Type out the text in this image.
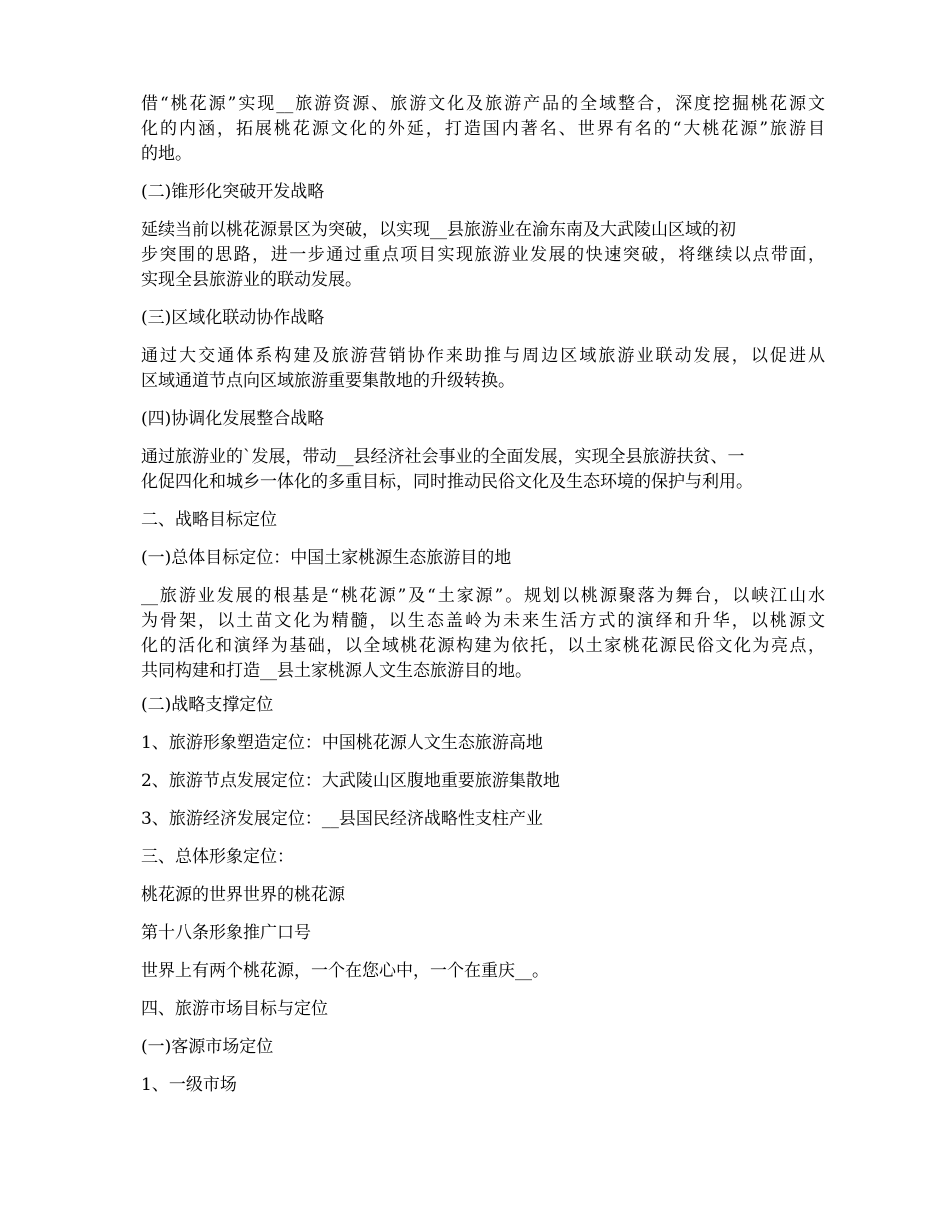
借“桃花源”实现__旅游资源、旅游文化及旅游产品的全域整合，深度挖掘桃花源文
化的内涵，拓展桃花源文化的外延，打造国内著名、世界有名的“大桃花源”旅游目
的地。
(二)锥形化突破开发战略
延续当前以桃花源景区为突破，以实现__县旅游业在渝东南及大武陵山区域的初
步突围的思路，进一步通过重点项目实现旅游业发展的快速突破，将继续以点带面，
实现全县旅游业的联动发展。
(三)区域化联动协作战略
通过大交通体系构建及旅游营销协作来助推与周边区域旅游业联动发展，以促进从
区域通道节点向区域旅游重要集散地的升级转换。
(四)协调化发展整合战略
通过旅游业的`发展，带动__县经济社会事业的全面发展，实现全县旅游扶贫、一
化促四化和城乡一体化的多重目标，同时推动民俗文化及生态环境的保护与利用。
二、战略目标定位
(一)总体目标定位：中国土家桃源生态旅游目的地
__旅游业发展的根基是“桃花源”及“土家源”。规划以桃源聚落为舞台，以峡江山水
为骨架，以土苗文化为精髓，以生态盖岭为未来生活方式的演绎和升华，以桃源文
化的活化和演绎为基础，以全域桃花源构建为依托，以土家桃花源民俗文化为亮点，
共同构建和打造__县土家桃源人文生态旅游目的地。
(二)战略支撑定位
1、旅游形象塑造定位：中国桃花源人文生态旅游高地
2、旅游节点发展定位：大武陵山区腹地重要旅游集散地
3、旅游经济发展定位：__县国民经济战略性支柱产业
三、总体形象定位：
桃花源的世界世界的桃花源
第十八条形象推广口号
世界上有两个桃花源，一个在您心中，一个在重庆__。
四、旅游市场目标与定位
(一)客源市场定位
1、一级市场
